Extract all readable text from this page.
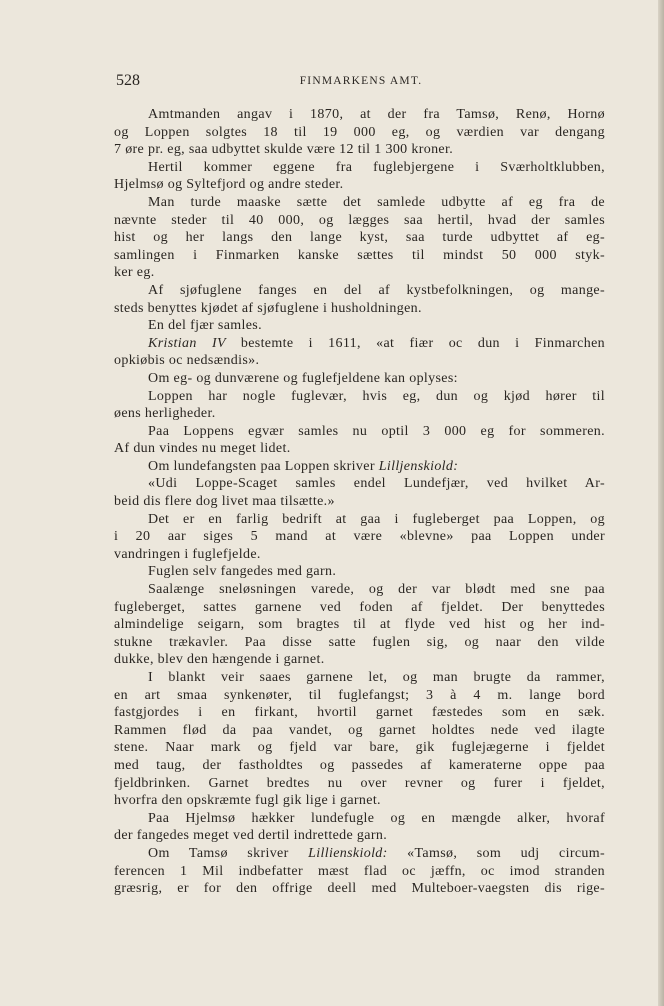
528	FINMARKENS AMT.
Amtmanden angav i 1870, at der fra Tamsø, Renø, Hornø
og Loppen solgtes 18 til 19 000 eg, og værdien var dengang
7 øre pr. eg, saa udbyttet skulde være 12 til 1 300 kroner.
Hertil kommer eggene fra fuglebjergene i Sværholtklubben,
Hjelmsø og Syltefjord og andre steder.
Man turde maaske sætte det samlede udbytte af eg fra de
nævnte steder til 40 000, og lægges saa hertil, hvad der samles
hist og her langs den lange kyst, saa turde udbyttet af eg-
samlingen i Finmarken kanske sættes til mindst 50 000 styk-
ker eg.
Af sjøfuglene fanges en del af kystbefolkningen, og mange-
steds benyttes kjødet af sjøfuglene i husholdningen.
En del fjær samles.
Kristian IV bestemte i 1611, «at fiær oc dun i Finmarchen
opkiøbis oc nedsændis».
Om eg- og dunværene og fuglefjeldene kan oplyses:
Loppen har nogle fuglevær, hvis eg, dun og kjød hører til
øens herligheder.
Paa Loppens egvær samles nu optil 3 000 eg for sommeren.
Af dun vindes nu meget lidet.
Om lundefangsten paa Loppen skriver Lilljenskiold:
«Udi Loppe-Scaget samles endel Lundefjær, ved hvilket Ar-
beid dis flere dog livet maa tilsætte.»
Det er en farlig bedrift at gaa i fugleberget paa Loppen, og
i 20 aar siges 5 mand at være «blevne» paa Loppen under
vandringen i fuglefjelde.
Fuglen selv fangedes med garn.
Saalænge sneløsningen varede, og der var blødt med sne paa
fugleberget, sattes garnene ved foden af fjeldet. Der benyttedes
almindelige seigarn, som bragtes til at flyde ved hist og her ind-
stukne trækavler. Paa disse satte fuglen sig, og naar den vilde
dukke, blev den hængende i garnet.
I blankt veir saaes garnene let, og man brugte da rammer,
en art smaa synkenøter, til fuglefangst; 3 à 4 m. lange bord
fastgjordes i en firkant, hvortil garnet fæstedes som en sæk.
Rammen flød da paa vandet, og garnet holdtes nede ved ilagte
stene. Naar mark og fjeld var bare, gik fuglejægerne i fjeldet
med taug, der fastholdtes og passedes af kameraterne oppe paa
fjeldbrinken. Garnet bredtes nu over revner og furer i fjeldet,
hvorfra den opskræmte fugl gik lige i garnet.
Paa Hjelmsø hækker lundefugle og en mængde alker, hvoraf
der fangedes meget ved dertil indrettede garn.
Om Tamsø skriver Lillienskiold: «Tamsø, som udj circum-
ferencen 1 Mil indbefatter mæst flad oc jæffn, oc imod stranden
græsrig, er for den offrige deell med Multeboer-vaegsten dis rige-
